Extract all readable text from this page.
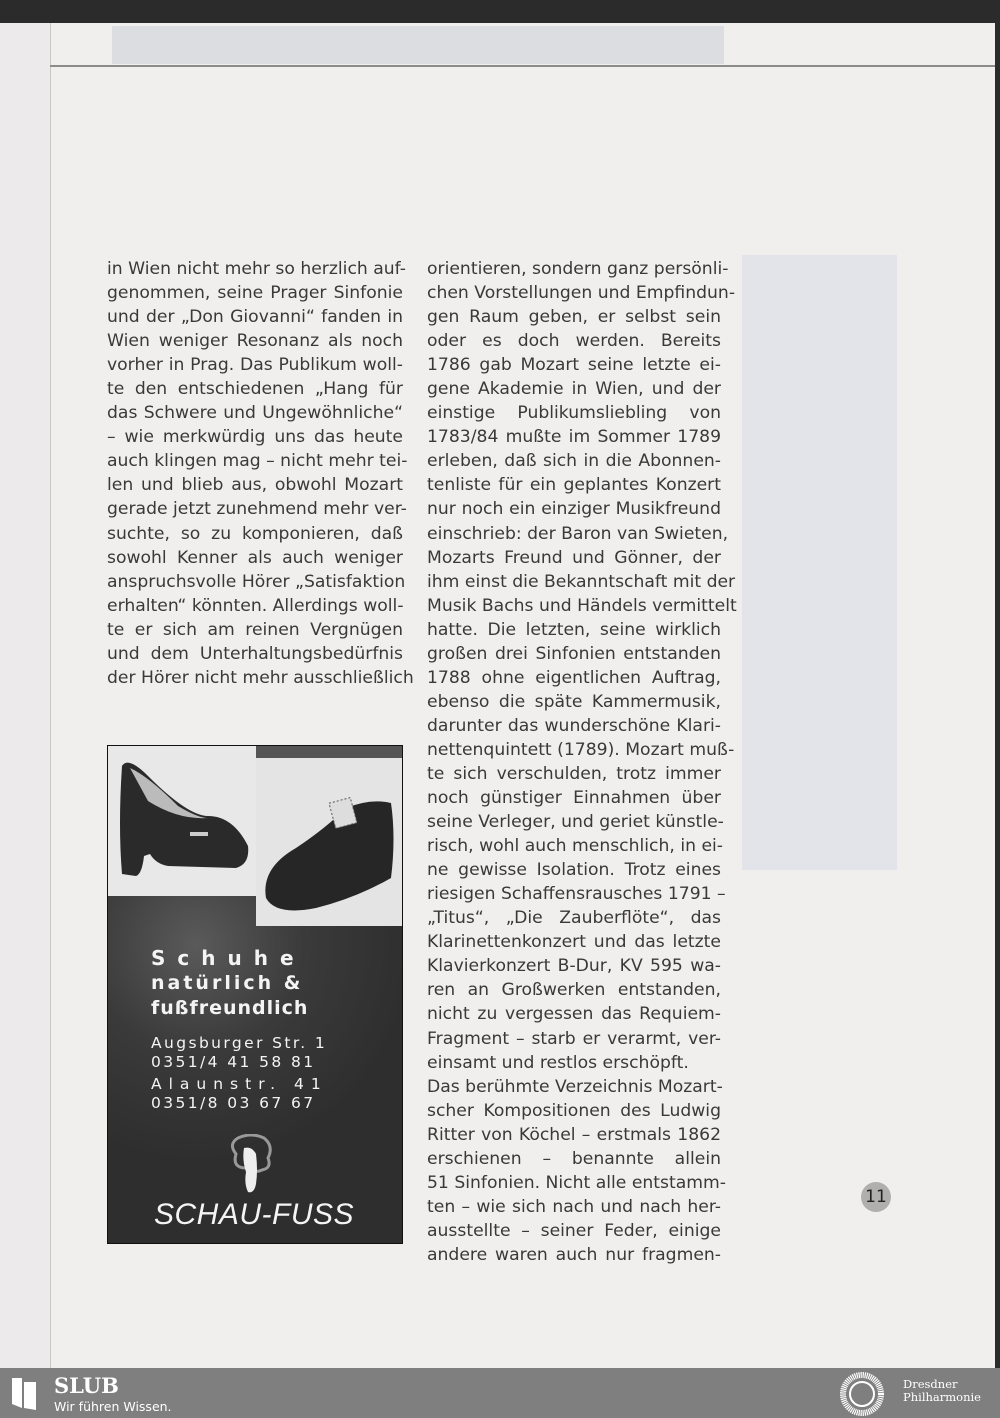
in Wien nicht mehr so herzlich auf-
genommen, seine Prager Sinfonie
und der „Don Giovanni“ fanden in
Wien weniger Resonanz als noch
vorher in Prag. Das Publikum woll-
te den entschiedenen „Hang für
das Schwere und Ungewöhnliche“
– wie merkwürdig uns das heute
auch klingen mag – nicht mehr tei-
len und blieb aus, obwohl Mozart
gerade jetzt zunehmend mehr ver-
suchte, so zu komponieren, daß
sowohl Kenner als auch weniger
anspruchsvolle Hörer „Satisfaktion
erhalten“ könnten. Allerdings woll-
te er sich am reinen Vergnügen
und dem Unterhaltungsbedürfnis
der Hörer nicht mehr ausschließlich
orientieren, sondern ganz persönli-
chen Vorstellungen und Empfindun-
gen Raum geben, er selbst sein
oder es doch werden. Bereits
1786 gab Mozart seine letzte ei-
gene Akademie in Wien, und der
einstige Publikumsliebling von
1783/84 mußte im Sommer 1789
erleben, daß sich in die Abonnen-
tenliste für ein geplantes Konzert
nur noch ein einziger Musikfreund
einschrieb: der Baron van Swieten,
Mozarts Freund und Gönner, der
ihm einst die Bekanntschaft mit der
Musik Bachs und Händels vermittelt
hatte. Die letzten, seine wirklich
großen drei Sinfonien entstanden
1788 ohne eigentlichen Auftrag,
ebenso die späte Kammermusik,
darunter das wunderschöne Klari-
nettenquintett (1789). Mozart muß-
te sich verschulden, trotz immer
noch günstiger Einnahmen über
seine Verleger, und geriet künstle-
risch, wohl auch menschlich, in ei-
ne gewisse Isolation. Trotz eines
riesigen Schaffensrausches 1791 –
„Titus“, „Die Zauberflöte“, das
Klarinettenkonzert und das letzte
Klavierkonzert B-Dur, KV 595 wa-
ren an Großwerken entstanden,
nicht zu vergessen das Requiem-
Fragment – starb er verarmt, ver-
einsamt und restlos erschöpft.
Das berühmte Verzeichnis Mozart-
scher Kompositionen des Ludwig
Ritter von Köchel – erstmals 1862
erschienen – benannte allein
51 Sinfonien. Nicht alle entstamm-
ten – wie sich nach und nach her-
ausstellte – seiner Feder, einige
andere waren auch nur fragmen-
Schuhe
natürlich &
fußfreundlich
Augsburger Str. 1
0351/4 41 58 81
Alaunstr. 41
0351/8 03 67 67
SCHAU-FUSS
11
SLUB
Wir führen Wissen.
Dresdner
Philharmonie
